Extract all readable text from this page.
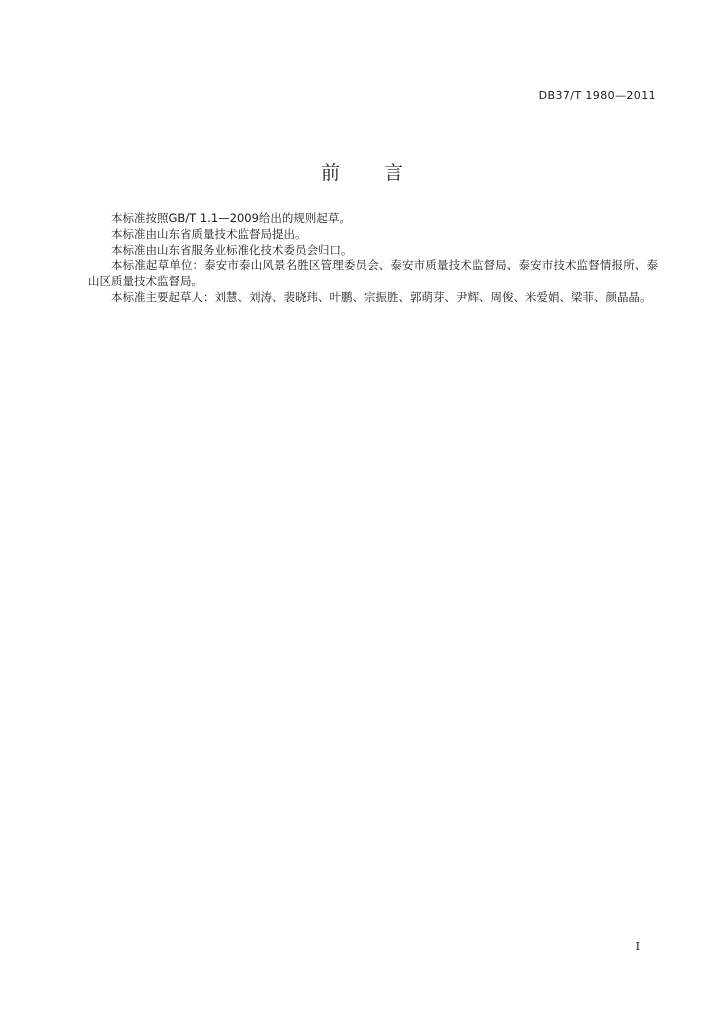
DB37/T 1980—2011
前言

本标准按照GB/T 1.1—2009给出的规则起草。

本标准由山东省质量技术监督局提出。

本标准由山东省服务业标准化技术委员会归口。

本标准起草单位：泰安市泰山风景名胜区管理委员会、泰安市质量技术监督局、泰安市技术监督情报所、泰山区质量技术监督局。

本标准主要起草人：刘慧、刘涛、裴晓玮、叶鹏、宗振胜、郭萌芽、尹辉、周俊、米爱娟、梁菲、颜晶晶。

I
